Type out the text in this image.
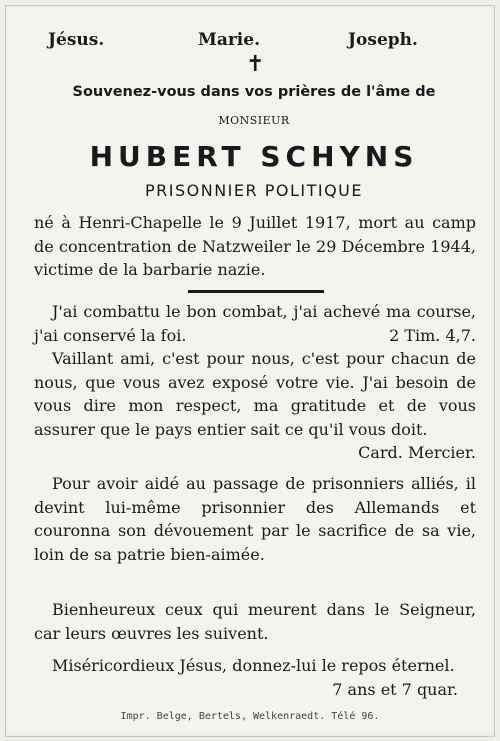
Jésus.	Marie.	Joseph.
✝
Souvenez-vous dans vos prières de l'âme de
MONSIEUR
HUBERT SCHYNS
PRISONNIER POLITIQUE
né à Henri-Chapelle le 9 Juillet 1917, mort au camp de concentration de Natzweiler le 29 Décembre 1944, victime de la barbarie nazie.
J'ai combattu le bon combat, j'ai achevé ma course, j'ai conservé la foi.	2 Tim. 4,7.
Vaillant ami, c'est pour nous, c'est pour chacun de nous, que vous avez exposé votre vie. J'ai besoin de vous dire mon respect, ma gratitude et de vous assurer que le pays entier sait ce qu'il vous doit.
Card. Mercier.
Pour avoir aidé au passage de prisonniers alliés, il devint lui-même prisonnier des Allemands et couronna son dévouement par le sacrifice de sa vie, loin de sa patrie bien-aimée.
Bienheureux ceux qui meurent dans le Seigneur, car leurs œuvres les suivent.
Miséricordieux Jésus, donnez-lui le repos éternel.
7 ans et 7 quar.
Impr. Belge, Bertels, Welkenraedt. Télé 96.
